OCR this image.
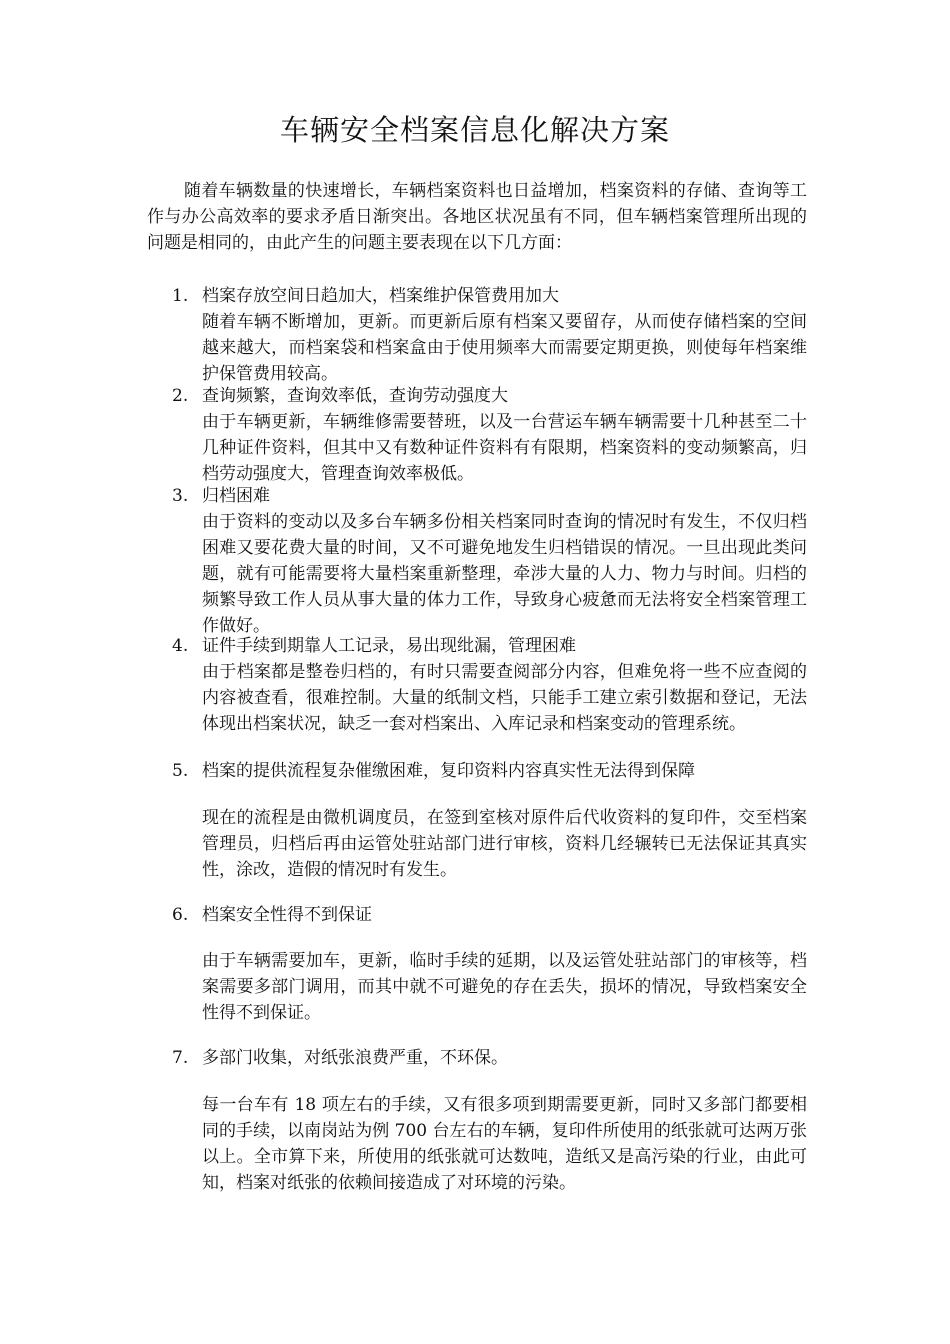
车辆安全档案信息化解决方案

随着车辆数量的快速增长，车辆档案资料也日益增加，档案资料的存储、查询等工作与办公高效率的要求矛盾日渐突出。各地区状况虽有不同，但车辆档案管理所出现的问题是相同的，由此产生的问题主要表现在以下几方面：

1. 档案存放空间日趋加大，档案维护保管费用加大

随着车辆不断增加，更新。而更新后原有档案又要留存，从而使存储档案的空间越来越大，而档案袋和档案盒由于使用频率大而需要定期更换，则使每年档案维护保管费用较高。

2. 查询频繁，查询效率低，查询劳动强度大

由于车辆更新，车辆维修需要替班，以及一台营运车辆车辆需要十几种甚至二十几种证件资料，但其中又有数种证件资料有有限期，档案资料的变动频繁高，归档劳动强度大，管理查询效率极低。

3. 归档困难

由于资料的变动以及多台车辆多份相关档案同时查询的情况时有发生，不仅归档困难又要花费大量的时间，又不可避免地发生归档错误的情况。一旦出现此类问题，就有可能需要将大量档案重新整理，牵涉大量的人力、物力与时间。归档的频繁导致工作人员从事大量的体力工作，导致身心疲惫而无法将安全档案管理工作做好。

4. 证件手续到期靠人工记录，易出现纰漏，管理困难

由于档案都是整卷归档的，有时只需要查阅部分内容，但难免将一些不应查阅的内容被查看，很难控制。大量的纸制文档，只能手工建立索引数据和登记，无法体现出档案状况，缺乏一套对档案出、入库记录和档案变动的管理系统。

5. 档案的提供流程复杂催缴困难，复印资料内容真实性无法得到保障

现在的流程是由微机调度员，在签到室核对原件后代收资料的复印件，交至档案管理员，归档后再由运管处驻站部门进行审核，资料几经辗转已无法保证其真实性，涂改，造假的情况时有发生。

6. 档案安全性得不到保证

由于车辆需要加车，更新，临时手续的延期，以及运管处驻站部门的审核等，档案需要多部门调用，而其中就不可避免的存在丢失，损坏的情况，导致档案安全性得不到保证。

7. 多部门收集，对纸张浪费严重，不环保。

每一台车有 18 项左右的手续，又有很多项到期需要更新，同时又多部门都要相同的手续，以南岗站为例 700 台左右的车辆，复印件所使用的纸张就可达两万张以上。全市算下来，所使用的纸张就可达数吨，造纸又是高污染的行业，由此可知，档案对纸张的依赖间接造成了对环境的污染。
